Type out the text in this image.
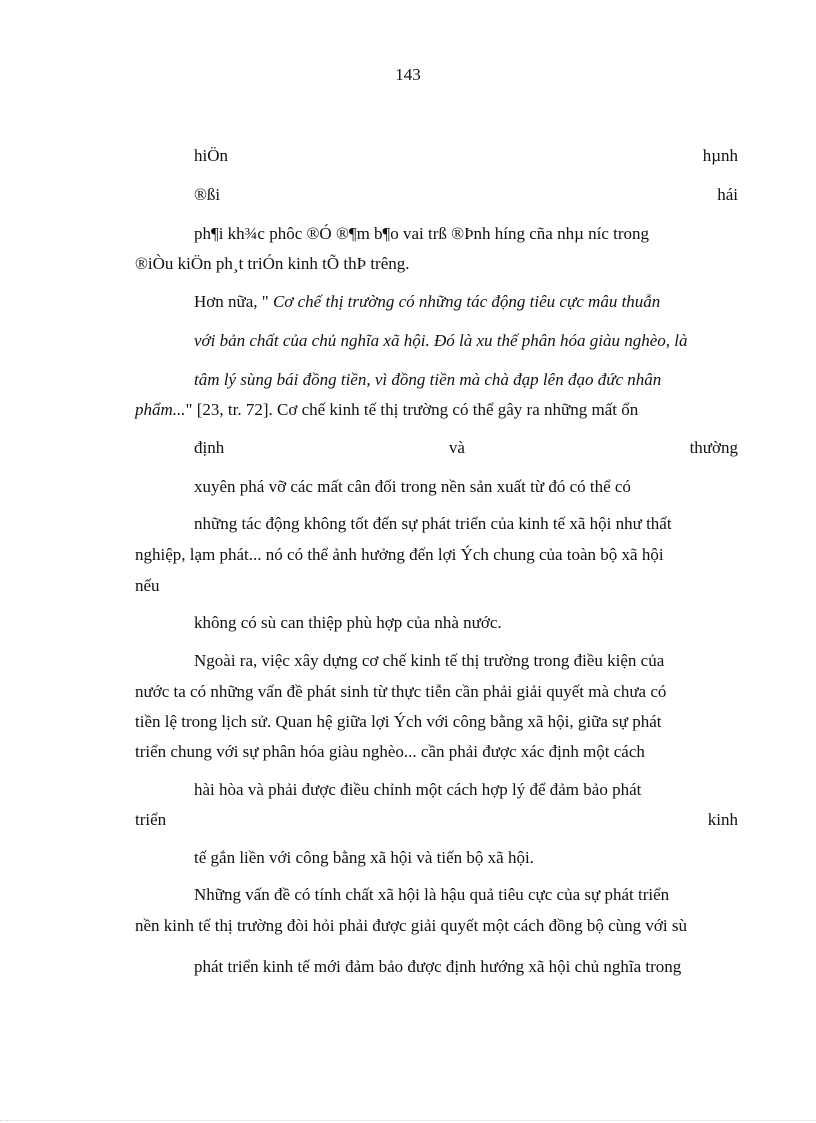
143
hiÖn	hµnh
®ßi	hái
ph¶i kh¾c phôc ®Ó ®¶m b¶o vai trß ®Þnh híng cña nhµ níc trong
®iÒu kiÖn ph¸t triÓn kinh tÕ thÞ trêng.
Hơn nữa, " Cơ chế thị trường có những tác động tiêu cực mâu thuẫn
với bản chất của chủ nghĩa xã hội. Đó là xu thế phân hóa giàu nghèo, là
tâm lý sùng bái đồng tiền, vì đồng tiền mà chà đạp lên đạo đức nhân
phẩm..." [23, tr. 72]. Cơ chế kinh tế thị trường có thể gây ra những mất ổn
định	và	thường
xuyên phá vỡ các mất cân đối trong nền sản xuất từ đó có thể có
những tác động không tốt đến sự phát triển của kinh tế xã hội như thất
nghiệp, lạm phát... nó có thể ảnh hưởng đến lợi Ých chung của toàn bộ xã hội
nếu
không có sù can thiệp phù hợp của nhà nước.
Ngoài ra, việc xây dựng cơ chế kinh tế thị trường trong điều kiện của
nước ta có những vấn đề phát sinh từ thực tiễn cần phải giải quyết mà chưa có
tiền lệ trong lịch sử. Quan hệ giữa lợi Ých với công bằng xã hội, giữa sự phát
triển chung với sự phân hóa giàu nghèo... cần phải được xác định một cách
hài hòa và phải được điều chỉnh một cách hợp lý để đảm bảo phát
triển	kinh
tế gắn liền với công bằng xã hội và tiến bộ xã hội.
Những vấn đề có tính chất xã hội là hậu quả tiêu cực của sự phát triển
nền kinh tế thị trường đòi hỏi phải được giải quyết một cách đồng bộ cùng với sù
phát triển kinh tế mới đảm bảo được định hướng xã hội chủ nghĩa trong
